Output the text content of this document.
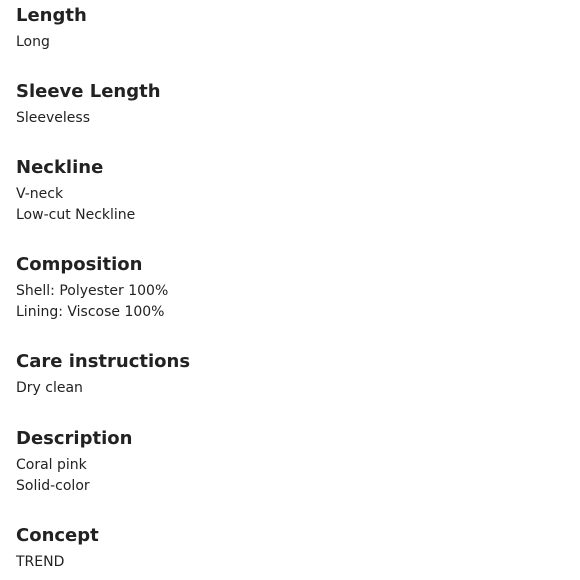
Length
Long
Sleeve Length
Sleeveless
Neckline
V-neck
Low-cut Neckline
Composition
Shell: Polyester 100%
Lining: Viscose 100%
Care instructions
Dry clean
Description
Coral pink
Solid-color
Concept
TREND
